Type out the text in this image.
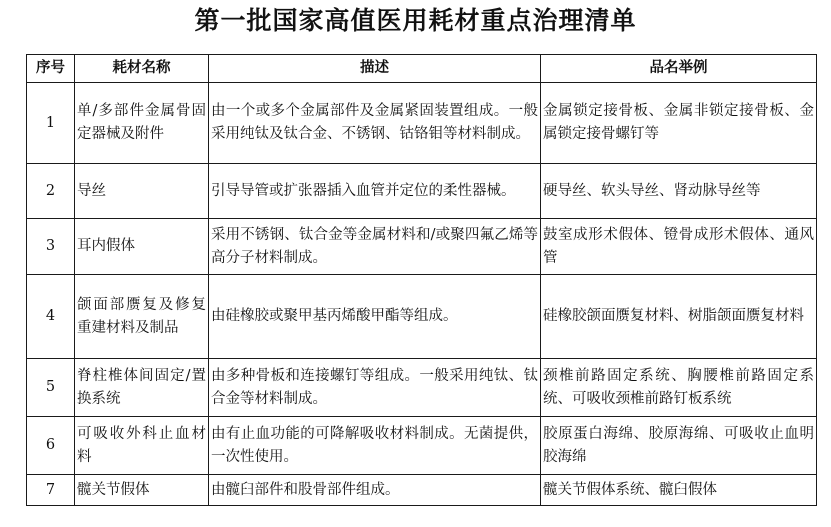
第一批国家高值医用耗材重点治理清单
序号	耗材名称	描述	品名举例
1	单/多部件金属骨固定器械及附件	由一个或多个金属部件及金属紧固装置组成。一般采用纯钛及钛合金、不锈钢、钴铬钼等材料制成。	金属锁定接骨板、金属非锁定接骨板、金属锁定接骨螺钉等
2	导丝	引导导管或扩张器插入血管并定位的柔性器械。	硬导丝、软头导丝、肾动脉导丝等
3	耳内假体	采用不锈钢、钛合金等金属材料和/或聚四氟乙烯等高分子材料制成。	鼓室成形术假体、镫骨成形术假体、通风管
4	颌面部赝复及修复重建材料及制品	由硅橡胶或聚甲基丙烯酸甲酯等组成。	硅橡胶颌面赝复材料、树脂颌面赝复材料
5	脊柱椎体间固定/置换系统	由多种骨板和连接螺钉等组成。一般采用纯钛、钛合金等材料制成。	颈椎前路固定系统、胸腰椎前路固定系统、可吸收颈椎前路钉板系统
6	可吸收外科止血材料	由有止血功能的可降解吸收材料制成。无菌提供，一次性使用。	胶原蛋白海绵、胶原海绵、可吸收止血明胶海绵
7	髋关节假体	由髋臼部件和股骨部件组成。	髋关节假体系统、髋臼假体
